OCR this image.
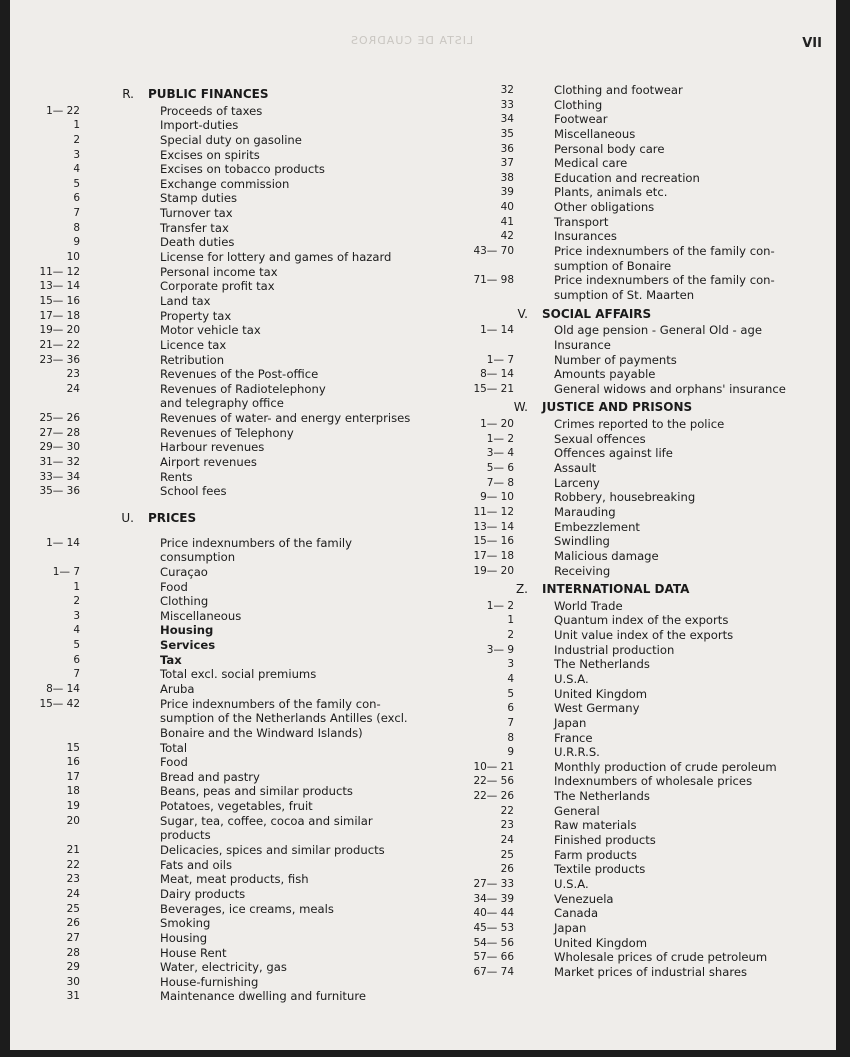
LISTA DE CUADROS	VII
R.	PUBLIC FINANCES
1— 22	Proceeds of taxes
1	Import-duties
2	Special duty on gasoline
3	Excises on spirits
4	Excises on tobacco products
5	Exchange commission
6	Stamp duties
7	Turnover tax
8	Transfer tax
9	Death duties
10	License for lottery and games of hazard
11— 12	Personal income tax
13— 14	Corporate profit tax
15— 16	Land tax
17— 18	Property tax
19— 20	Motor vehicle tax
21— 22	Licence tax
23— 36	Retribution
23	Revenues of the Post-office
24	Revenues of Radiotelephony
and telegraphy office
25— 26	Revenues of water- and energy enterprises
27— 28	Revenues of Telephony
29— 30	Harbour revenues
31— 32	Airport revenues
33— 34	Rents
35— 36	School fees
U.	PRICES
1— 14	Price indexnumbers of the family
consumption
1— 7	Curaçao
1	Food
2	Clothing
3	Miscellaneous
4	Housing
5	Services
6	Tax
7	Total excl. social premiums
8— 14	Aruba
15— 42	Price indexnumbers of the family con-
sumption of the Netherlands Antilles (excl.
Bonaire and the Windward Islands)
15	Total
16	Food
17	Bread and pastry
18	Beans, peas and similar products
19	Potatoes, vegetables, fruit
20	Sugar, tea, coffee, cocoa and similar
products
21	Delicacies, spices and similar products
22	Fats and oils
23	Meat, meat products, fish
24	Dairy products
25	Beverages, ice creams, meals
26	Smoking
27	Housing
28	House Rent
29	Water, electricity, gas
30	House-furnishing
31	Maintenance dwelling and furniture
32	Clothing and footwear
33	Clothing
34	Footwear
35	Miscellaneous
36	Personal body care
37	Medical care
38	Education and recreation
39	Plants, animals etc.
40	Other obligations
41	Transport
42	Insurances
43— 70	Price indexnumbers of the family con-
sumption of Bonaire
71— 98	Price indexnumbers of the family con-
sumption of St. Maarten
V.	SOCIAL AFFAIRS
1— 14	Old age pension - General Old - age
Insurance
1— 7	Number of payments
8— 14	Amounts payable
15— 21	General widows and orphans' insurance
W.	JUSTICE AND PRISONS
1— 20	Crimes reported to the police
1— 2	Sexual offences
3— 4	Offences against life
5— 6	Assault
7— 8	Larceny
9— 10	Robbery, housebreaking
11— 12	Marauding
13— 14	Embezzlement
15— 16	Swindling
17— 18	Malicious damage
19— 20	Receiving
Z.	INTERNATIONAL DATA
1— 2	World Trade
1	Quantum index of the exports
2	Unit value index of the exports
3— 9	Industrial production
3	The Netherlands
4	U.S.A.
5	United Kingdom
6	West Germany
7	Japan
8	France
9	U.R.R.S.
10— 21	Monthly production of crude peroleum
22— 56	Indexnumbers of wholesale prices
22— 26	The Netherlands
22	General
23	Raw materials
24	Finished products
25	Farm products
26	Textile products
27— 33	U.S.A.
34— 39	Venezuela
40— 44	Canada
45— 53	Japan
54— 56	United Kingdom
57— 66	Wholesale prices of crude petroleum
67— 74	Market prices of industrial shares
